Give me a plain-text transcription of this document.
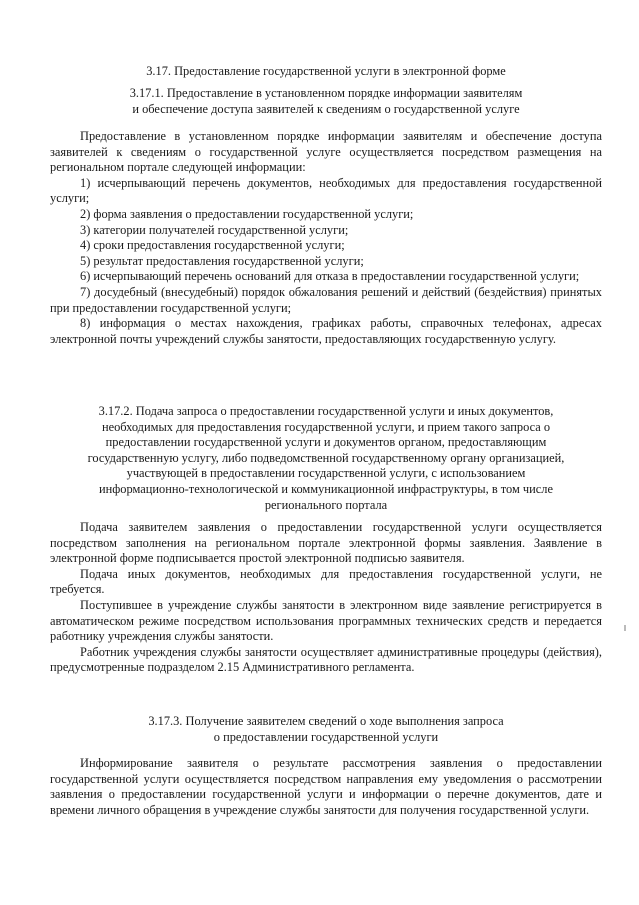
3.17. Предоставление государственной услуги в электронной форме

3.17.1. Предоставление в установленном порядке информации заявителям

и обеспечение доступа заявителей к сведениям о государственной услуге

Предоставление в установленном порядке информации заявителям и обеспечение доступа заявителей к сведениям о государственной услуге осуществляется посредством размещения на региональном портале следующей информации:

1) исчерпывающий перечень документов, необходимых для предоставления государственной услуги;

2) форма заявления о предоставлении государственной услуги;

3) категории получателей государственной услуги;

4) сроки предоставления государственной услуги;

5) результат предоставления государственной услуги;

6) исчерпывающий перечень оснований для отказа в предоставлении государственной услуги;

7) досудебный (внесудебный) порядок обжалования решений и действий (бездействия) принятых при предоставлении государственной услуги;

8) информация о местах нахождения, графиках работы, справочных телефонах, адресах электронной почты учреждений службы занятости, предоставляющих государственную услугу.

3.17.2. Подача запроса о предоставлении государственной услуги и иных документов,

необходимых для предоставления государственной услуги, и прием такого запроса о

предоставлении государственной услуги и документов органом, предоставляющим

государственную услугу, либо подведомственной государственному органу организацией,

участвующей в предоставлении государственной услуги, с использованием

информационно-технологической и коммуникационной инфраструктуры, в том числе

регионального портала

Подача заявителем заявления о предоставлении государственной услуги осуществляется посредством заполнения на региональном портале электронной формы заявления. Заявление в электронной форме подписывается простой электронной подписью заявителя.

Подача иных документов, необходимых для предоставления государственной услуги, не требуется.

Поступившее в учреждение службы занятости в электронном виде заявление регистрируется в автоматическом режиме посредством использования программных технических средств и передается работнику учреждения службы занятости.

Работник учреждения службы занятости осуществляет административные процедуры (действия), предусмотренные подразделом 2.15 Административного регламента.

3.17.3. Получение заявителем сведений о ходе выполнения запроса

о предоставлении государственной услуги

Информирование заявителя о результате рассмотрения заявления о предоставлении государственной услуги осуществляется посредством направления ему уведомления о рассмотрении заявления о предоставлении государственной услуги и информации о перечне документов, дате и времени личного обращения в учреждение службы занятости для получения государственной услуги.
